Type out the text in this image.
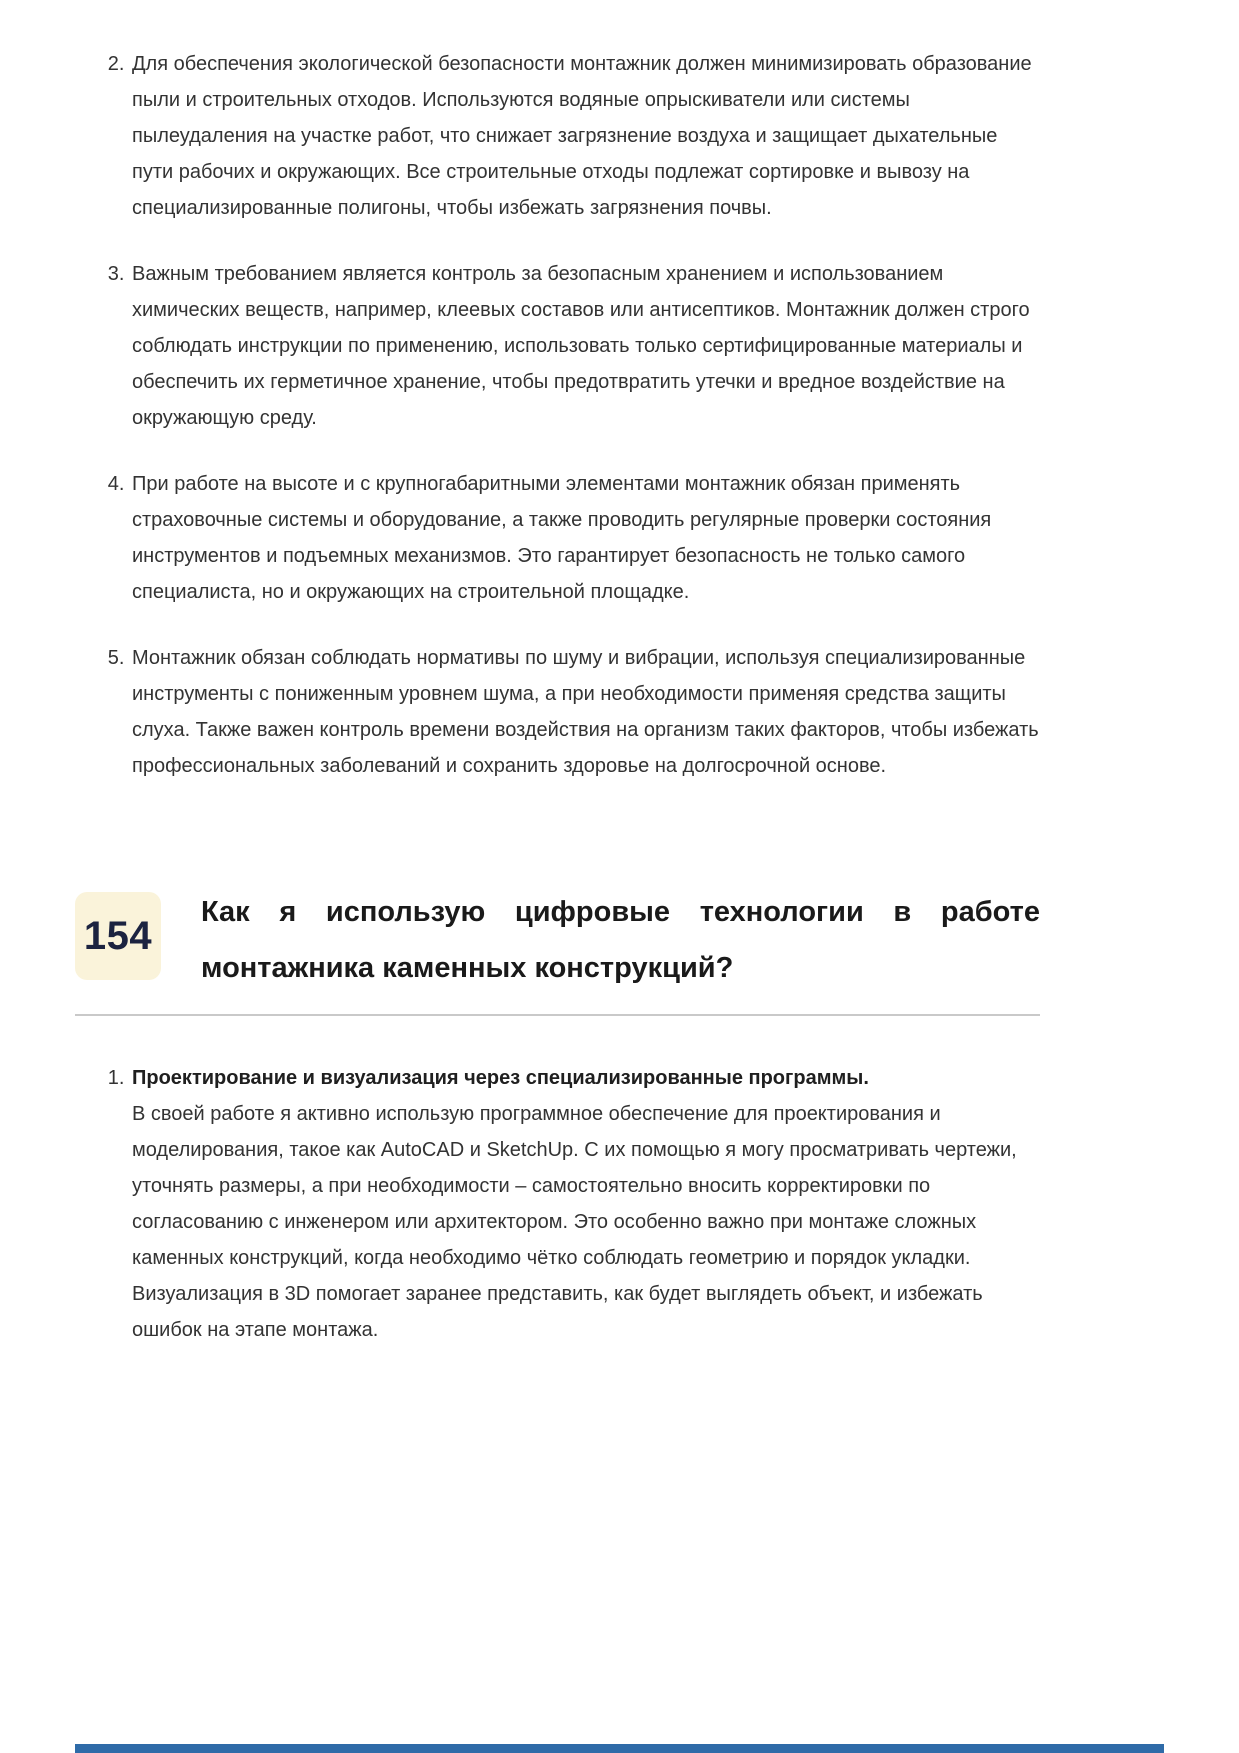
2. Для обеспечения экологической безопасности монтажник должен минимизировать образование пыли и строительных отходов. Используются водяные опрыскиватели или системы пылеудаления на участке работ, что снижает загрязнение воздуха и защищает дыхательные пути рабочих и окружающих. Все строительные отходы подлежат сортировке и вывозу на специализированные полигоны, чтобы избежать загрязнения почвы.
3. Важным требованием является контроль за безопасным хранением и использованием химических веществ, например, клеевых составов или антисептиков. Монтажник должен строго соблюдать инструкции по применению, использовать только сертифицированные материалы и обеспечить их герметичное хранение, чтобы предотвратить утечки и вредное воздействие на окружающую среду.
4. При работе на высоте и с крупногабаритными элементами монтажник обязан применять страховочные системы и оборудование, а также проводить регулярные проверки состояния инструментов и подъемных механизмов. Это гарантирует безопасность не только самого специалиста, но и окружающих на строительной площадке.
5. Монтажник обязан соблюдать нормативы по шуму и вибрации, используя специализированные инструменты с пониженным уровнем шума, а при необходимости применяя средства защиты слуха. Также важен контроль времени воздействия на организм таких факторов, чтобы избежать профессиональных заболеваний и сохранить здоровье на долгосрочной основе.
154
Как я использую цифровые технологии в работе монтажника каменных конструкций?
1. Проектирование и визуализация через специализированные программы.
В своей работе я активно использую программное обеспечение для проектирования и моделирования, такое как AutoCAD и SketchUp. С их помощью я могу просматривать чертежи, уточнять размеры, а при необходимости – самостоятельно вносить корректировки по согласованию с инженером или архитектором. Это особенно важно при монтаже сложных каменных конструкций, когда необходимо чётко соблюдать геометрию и порядок укладки. Визуализация в 3D помогает заранее представить, как будет выглядеть объект, и избежать ошибок на этапе монтажа.
